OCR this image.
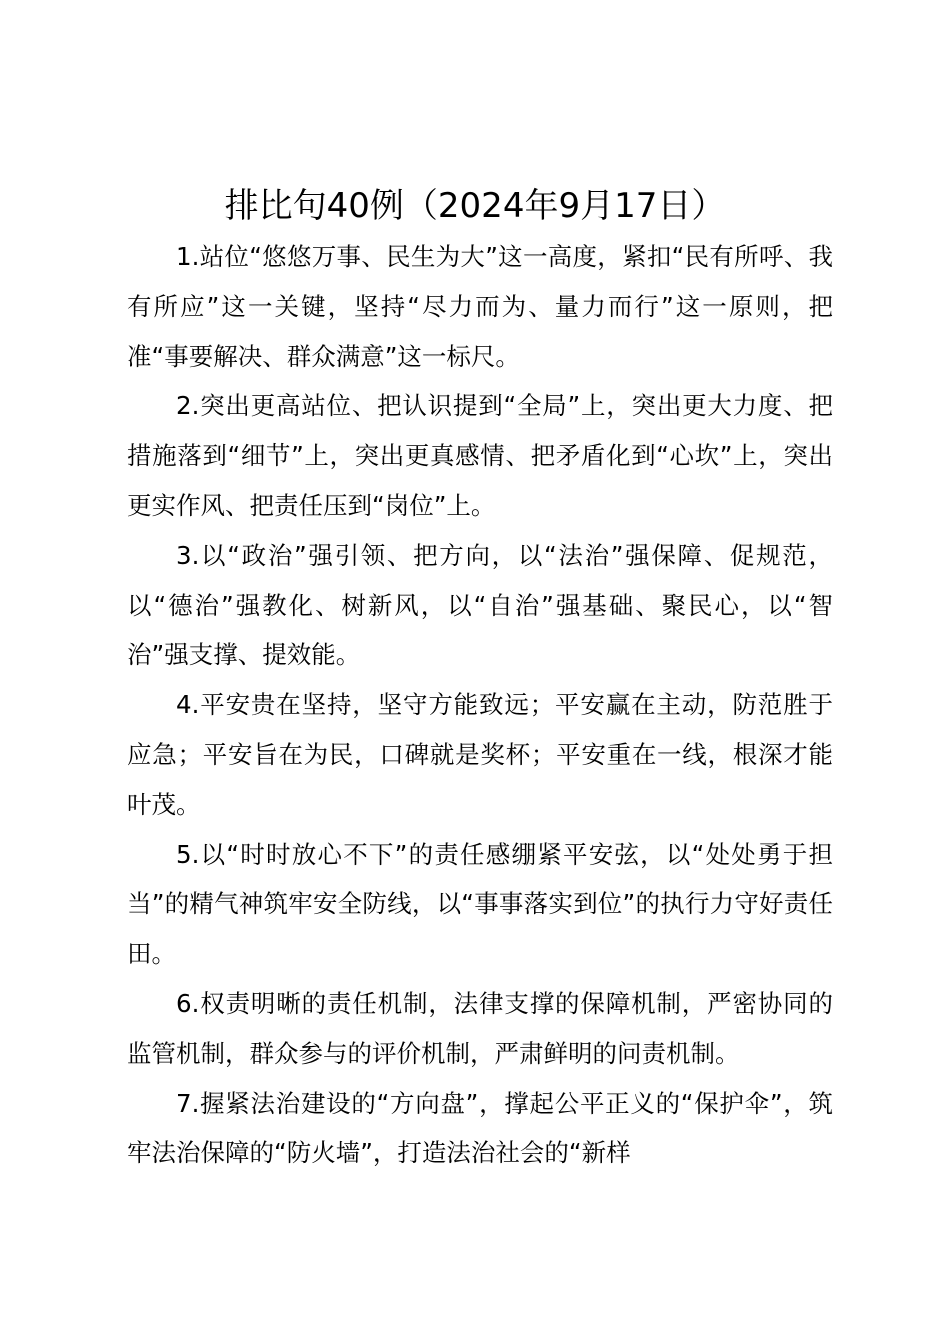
排比句40例（2024年9月17日）

1.站位“悠悠万事、民生为大”这一高度，紧扣“民有所呼、我有所应”这一关键，坚持“尽力而为、量力而行”这一原则，把准“事要解决、群众满意”这一标尺。

2.突出更高站位、把认识提到“全局”上，突出更大力度、把措施落到“细节”上，突出更真感情、把矛盾化到“心坎”上，突出更实作风、把责任压到“岗位”上。

3.以“政治”强引领、把方向，以“法治”强保障、促规范，以“德治”强教化、树新风，以“自治”强基础、聚民心，以“智治”强支撑、提效能。

4.平安贵在坚持，坚守方能致远；平安赢在主动，防范胜于应急；平安旨在为民，口碑就是奖杯；平安重在一线，根深才能叶茂。

5.以“时时放心不下”的责任感绷紧平安弦，以“处处勇于担当”的精气神筑牢安全防线，以“事事落实到位”的执行力守好责任田。

6.权责明晰的责任机制，法律支撑的保障机制，严密协同的监管机制，群众参与的评价机制，严肃鲜明的问责机制。

7.握紧法治建设的“方向盘”，撑起公平正义的“保护伞”，筑牢法治保障的“防火墙”，打造法治社会的“新样
